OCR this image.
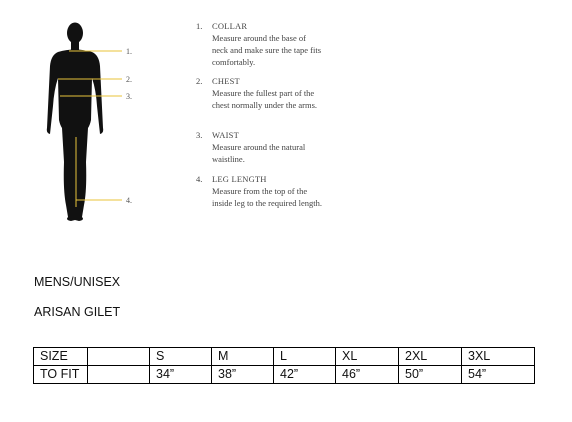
1.
2.
3.
4.
1. COLLAR
Measure around the base of neck and make sure the tape fits comfortably.
2. CHEST
Measure the fullest part of the chest normally under the arms.
3. WAIST
Measure around the natural waistline.
4. LEG LENGTH
Measure from the top of the inside leg to the required length.
MENS/UNISEX
ARISAN GILET
SIZE		S	M	L	XL	2XL	3XL
TO FIT		34”	38”	42”	46”	50”	54”
